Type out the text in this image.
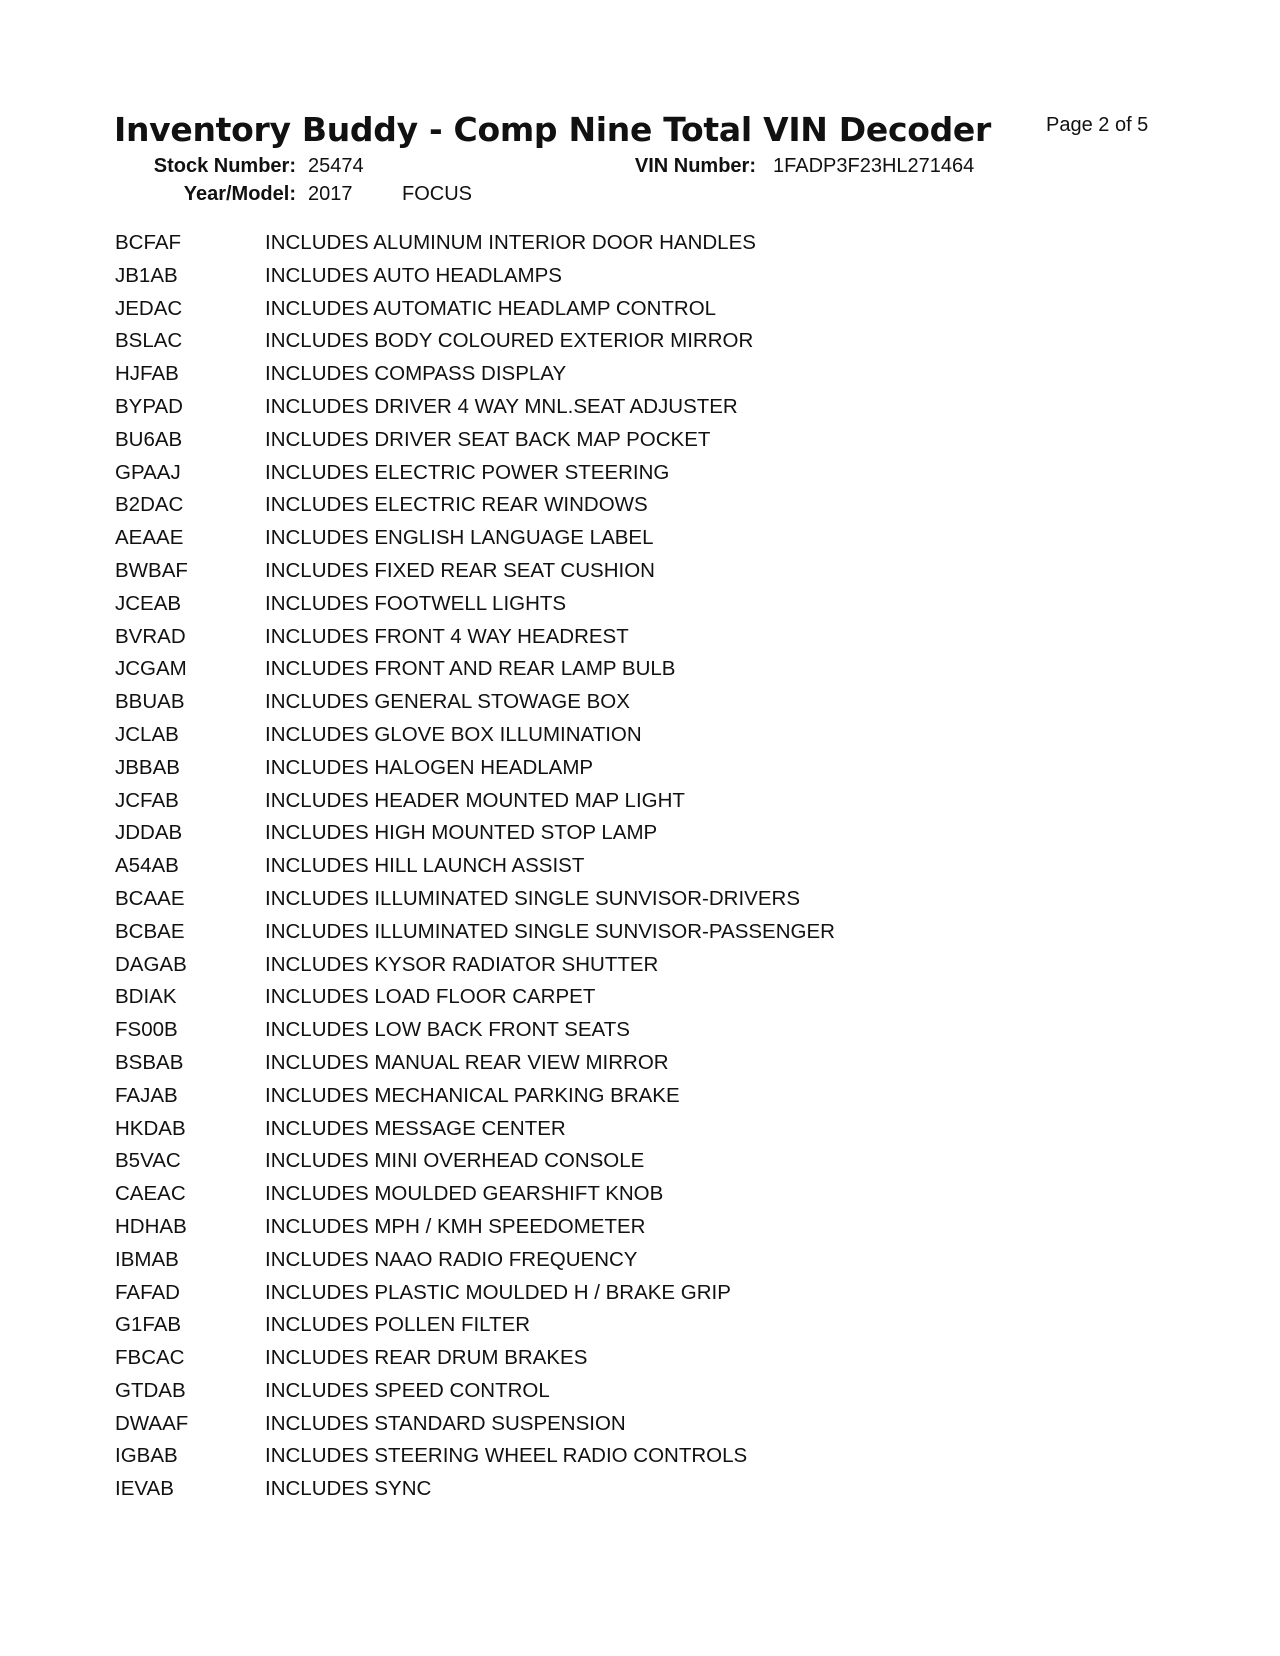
Inventory Buddy - Comp Nine Total VIN Decoder	Page 2 of 5
Stock Number: 25474	VIN Number: 1FADP3F23HL271464
Year/Model: 2017 FOCUS
BCFAF	INCLUDES ALUMINUM INTERIOR DOOR HANDLES
JB1AB	INCLUDES AUTO HEADLAMPS
JEDAC	INCLUDES AUTOMATIC HEADLAMP CONTROL
BSLAC	INCLUDES BODY COLOURED EXTERIOR MIRROR
HJFAB	INCLUDES COMPASS DISPLAY
BYPAD	INCLUDES DRIVER 4 WAY MNL.SEAT ADJUSTER
BU6AB	INCLUDES DRIVER SEAT BACK MAP POCKET
GPAAJ	INCLUDES ELECTRIC POWER STEERING
B2DAC	INCLUDES ELECTRIC REAR WINDOWS
AEAAE	INCLUDES ENGLISH LANGUAGE LABEL
BWBAF	INCLUDES FIXED REAR SEAT CUSHION
JCEAB	INCLUDES FOOTWELL LIGHTS
BVRAD	INCLUDES FRONT 4 WAY HEADREST
JCGAM	INCLUDES FRONT AND REAR LAMP BULB
BBUAB	INCLUDES GENERAL STOWAGE BOX
JCLAB	INCLUDES GLOVE BOX ILLUMINATION
JBBAB	INCLUDES HALOGEN HEADLAMP
JCFAB	INCLUDES HEADER MOUNTED MAP LIGHT
JDDAB	INCLUDES HIGH MOUNTED STOP LAMP
A54AB	INCLUDES HILL LAUNCH ASSIST
BCAAE	INCLUDES ILLUMINATED SINGLE SUNVISOR-DRIVERS
BCBAE	INCLUDES ILLUMINATED SINGLE SUNVISOR-PASSENGER
DAGAB	INCLUDES KYSOR RADIATOR SHUTTER
BDIAK	INCLUDES LOAD FLOOR CARPET
FS00B	INCLUDES LOW BACK FRONT SEATS
BSBAB	INCLUDES MANUAL REAR VIEW MIRROR
FAJAB	INCLUDES MECHANICAL PARKING BRAKE
HKDAB	INCLUDES MESSAGE CENTER
B5VAC	INCLUDES MINI OVERHEAD CONSOLE
CAEAC	INCLUDES MOULDED GEARSHIFT KNOB
HDHAB	INCLUDES MPH / KMH SPEEDOMETER
IBMAB	INCLUDES NAAO RADIO FREQUENCY
FAFAD	INCLUDES PLASTIC MOULDED H / BRAKE GRIP
G1FAB	INCLUDES POLLEN FILTER
FBCAC	INCLUDES REAR DRUM BRAKES
GTDAB	INCLUDES SPEED CONTROL
DWAAF	INCLUDES STANDARD SUSPENSION
IGBAB	INCLUDES STEERING WHEEL RADIO CONTROLS
IEVAB	INCLUDES SYNC
